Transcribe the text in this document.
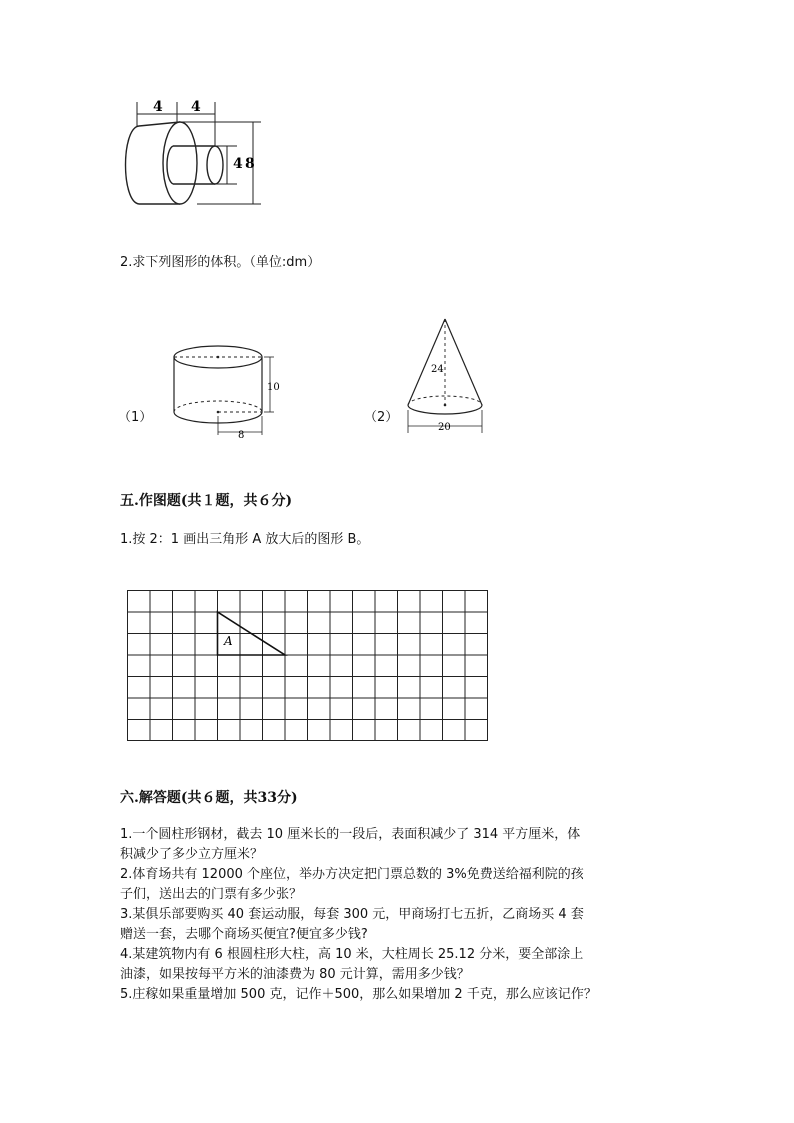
4 4
4 8
2.求下列图形的体积。（单位:dm）
（1）
10
8
（2）
24
20
五.作图题(共１题，共６分)
1.按 2：1 画出三角形 A 放大后的图形 B。
A
六.解答题(共６题，共33分)
1.一个圆柱形钢材，截去 10 厘米长的一段后，表面积减少了 314 平方厘米，体
积减少了多少立方厘米？
2.体育场共有 12000 个座位，举办方决定把门票总数的 3%免费送给福利院的孩
子们，送出去的门票有多少张？
3.某俱乐部要购买 40 套运动服，每套 300 元，甲商场打七五折，乙商场买 4 套
赠送一套，去哪个商场买便宜?便宜多少钱?
4.某建筑物内有 6 根圆柱形大柱，高 10 米，大柱周长 25.12 分米，要全部涂上
油漆，如果按每平方米的油漆费为 80 元计算，需用多少钱？
5.庄稼如果重量增加 500 克，记作＋500，那么如果增加 2 千克，那么应该记作？
